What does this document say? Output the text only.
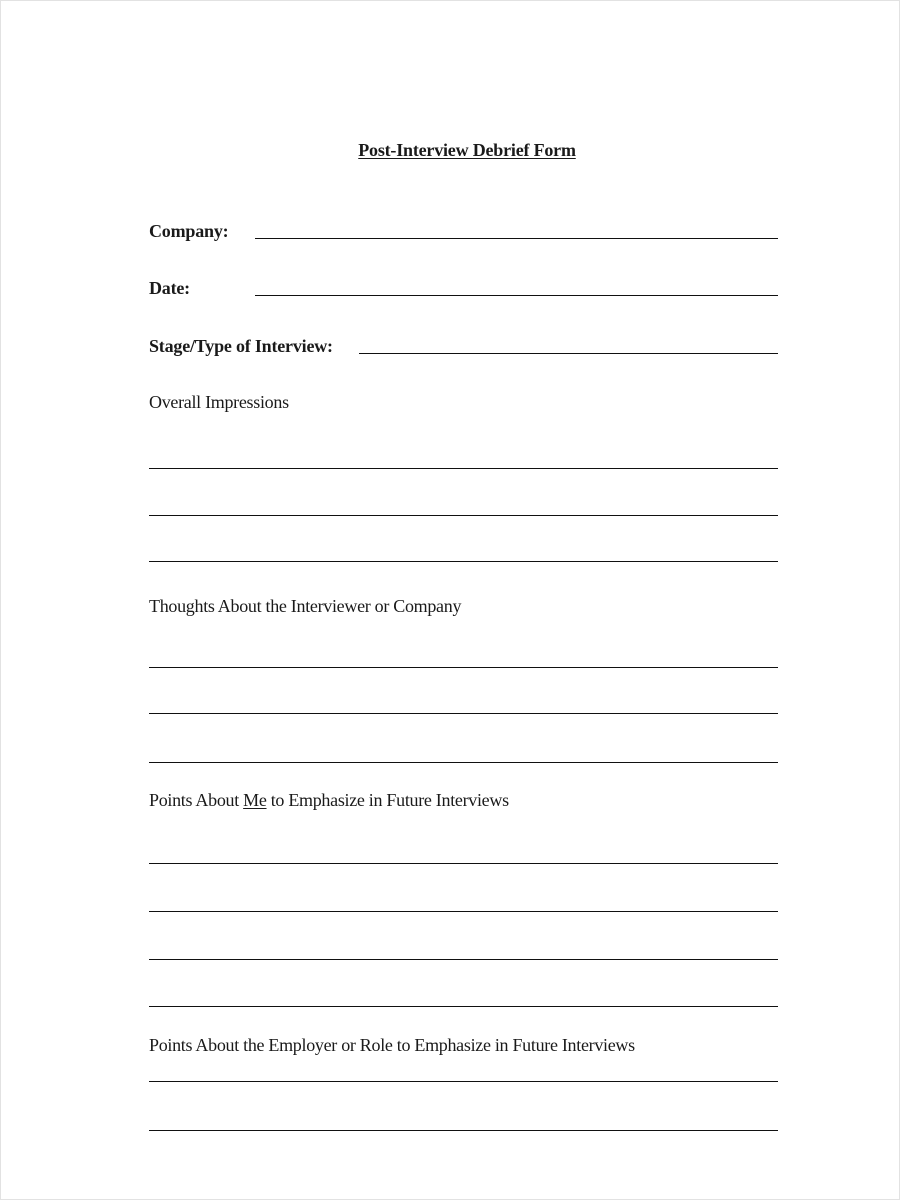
Post-Interview Debrief Form
Company:
Date:
Stage/Type of Interview:
Overall Impressions
Thoughts About the Interviewer or Company
Points About Me to Emphasize in Future Interviews
Points About the Employer or Role to Emphasize in Future Interviews
